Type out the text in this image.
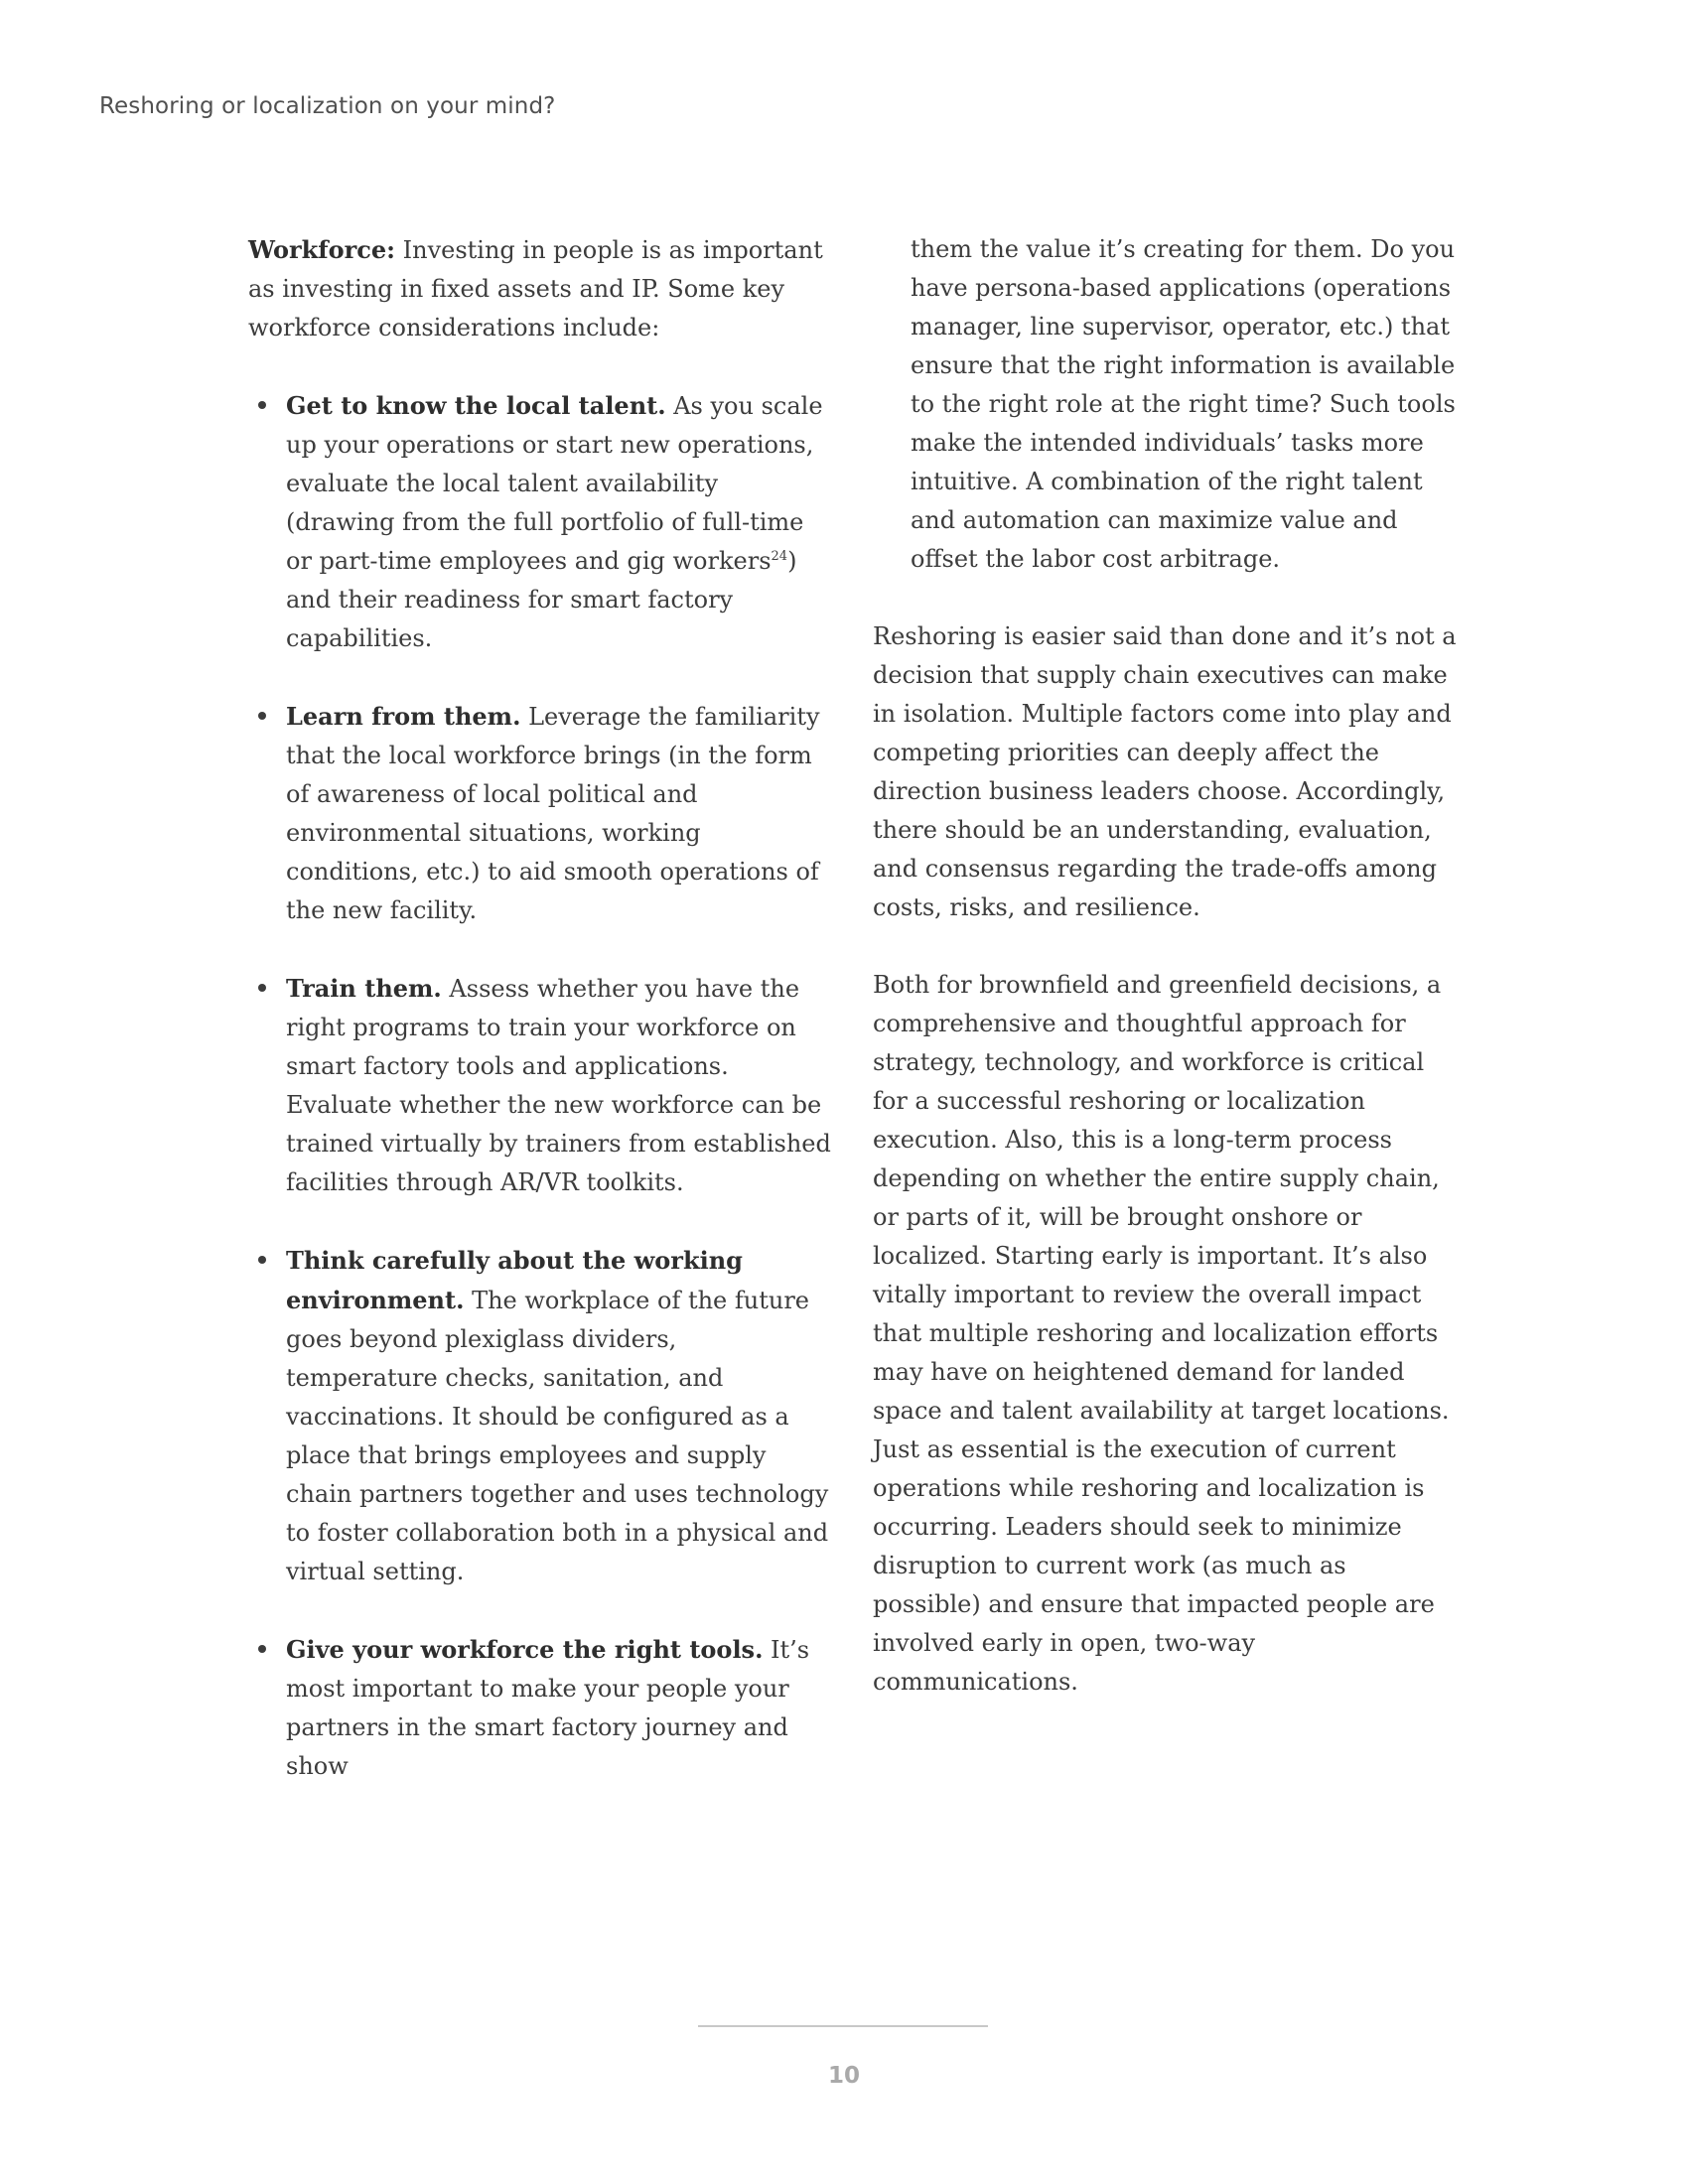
Reshoring or localization on your mind?

Workforce: Investing in people is as important as investing in fixed assets and IP. Some key workforce considerations include:

Get to know the local talent. As you scale up your operations or start new operations, evaluate the local talent availability (drawing from the full portfolio of full-time or part-time employees and gig workers$^{24}$) and their readiness for smart factory capabilities.
Learn from them. Leverage the familiarity that the local workforce brings (in the form of awareness of local political and environmental situations, working conditions, etc.) to aid smooth operations of the new facility.
Train them. Assess whether you have the right programs to train your workforce on smart factory tools and applications. Evaluate whether the new workforce can be trained virtually by trainers from established facilities through AR/VR toolkits.
Think carefully about the working environment. The workplace of the future goes beyond plexiglass dividers, temperature checks, sanitation, and vaccinations. It should be configured as a place that brings employees and supply chain partners together and uses technology to foster collaboration both in a physical and virtual setting.
Give your workforce the right tools. It’s most important to make your people your partners in the smart factory journey and show

them the value it’s creating for them. Do you have persona-based applications (operations manager, line supervisor, operator, etc.) that ensure that the right information is available to the right role at the right time? Such tools make the intended individuals’ tasks more intuitive. A combination of the right talent and automation can maximize value and offset the labor cost arbitrage.

Reshoring is easier said than done and it’s not a decision that supply chain executives can make in isolation. Multiple factors come into play and competing priorities can deeply affect the direction business leaders choose. Accordingly, there should be an understanding, evaluation, and consensus regarding the trade-offs among costs, risks, and resilience.

Both for brownfield and greenfield decisions, a comprehensive and thoughtful approach for strategy, technology, and workforce is critical for a successful reshoring or localization execution. Also, this is a long-term process depending on whether the entire supply chain, or parts of it, will be brought onshore or localized. Starting early is important. It’s also vitally important to review the overall impact that multiple reshoring and localization efforts may have on heightened demand for landed space and talent availability at target locations. Just as essential is the execution of current operations while reshoring and localization is occurring. Leaders should seek to minimize disruption to current work (as much as possible) and ensure that impacted people are involved early in open, two-way communications.

10
